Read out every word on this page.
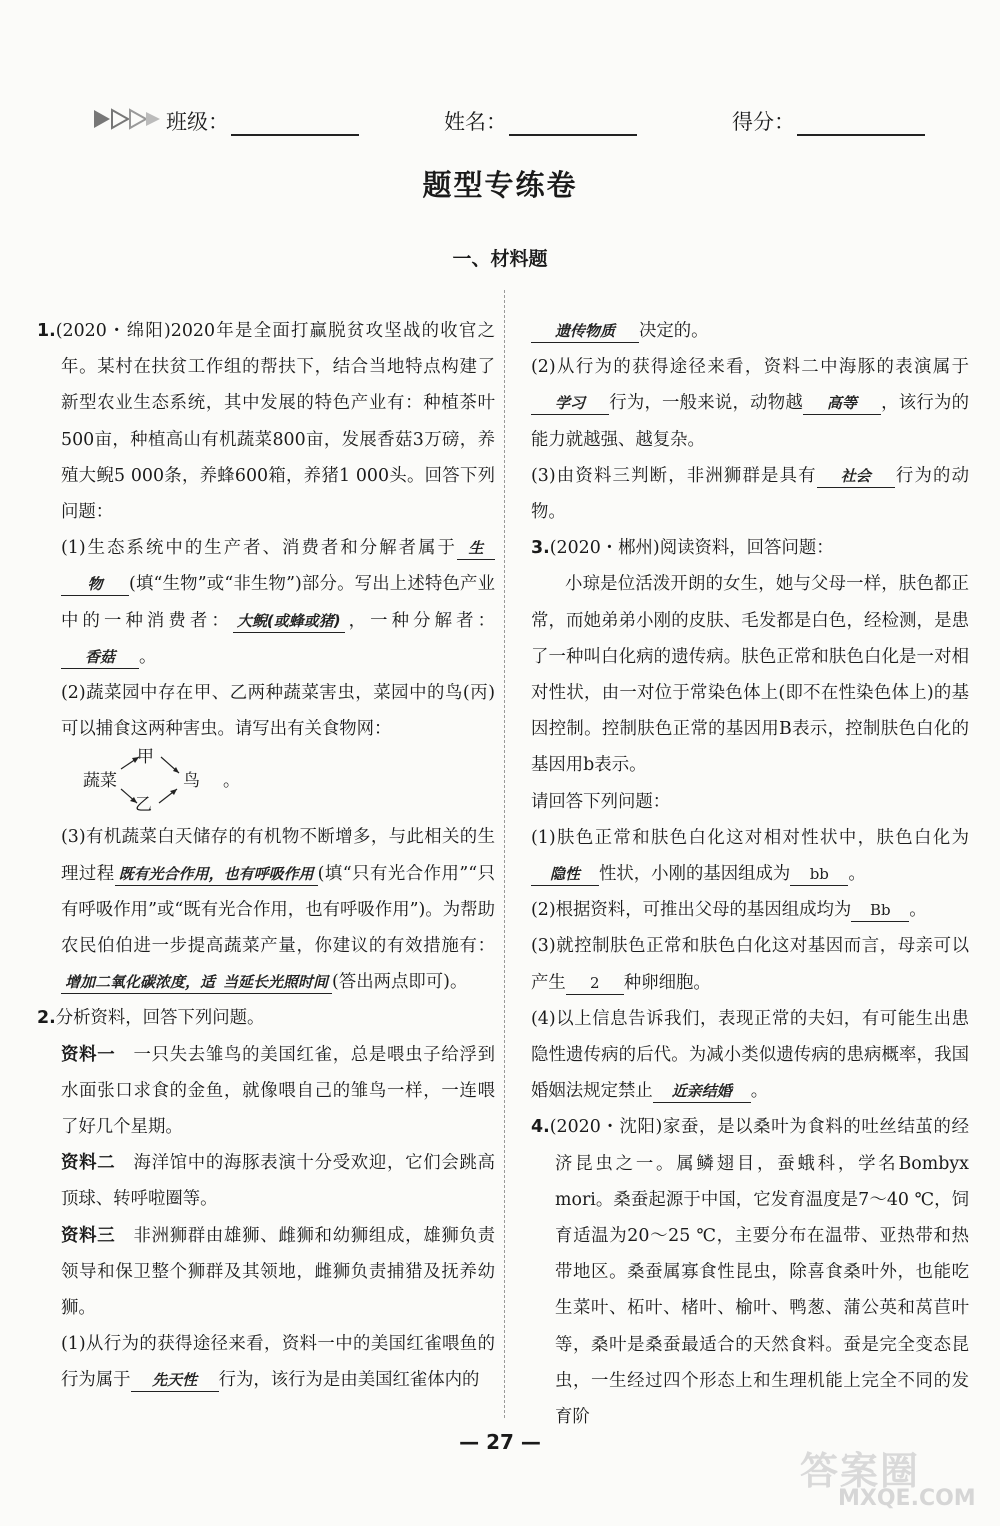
班级：	姓名：	得分：
题型专练卷
一、材料题

1.(2020・绵阳)2020年是全面打赢脱贫攻坚战的收官之年。某村在扶贫工作组的帮扶下，结合当地特点构建了新型农业生态系统，其中发展的特色产业有：种植茶叶500亩，种植高山有机蔬菜800亩，发展香菇3万磅，养殖大鲵5 000条，养蜂600箱，养猪1 000头。回答下列问题：

(1)生态系统中的生产者、消费者和分解者属于 生物 (填“生物”或“非生物”)部分。写出上述特色产业中的一种消费者： 大鲵(或蜂或猪) ，一种分解者：香菇 。

(2)蔬菜园中存在甲、乙两种蔬菜害虫，菜园中的鸟(丙)可以捕食这两种害虫。请写出有关食物网：

甲
蔬菜	鸟
乙
。

(3)有机蔬菜白天储存的有机物不断增多，与此相关的生理过程 既有光合作用，也有呼吸作用 (填“只有光合作用”“只有呼吸作用”或“既有光合作用，也有呼吸作用”)。为帮助农民伯伯进一步提高蔬菜产量，你建议的有效措施有：增加二氧化碳浓度，适 当延长光照时间 (答出两点即可)。

2.分析资料，回答下列问题。

资料一　 一只失去雏鸟的美国红雀，总是喂虫子给浮到水面张口求食的金鱼，就像喂自己的雏鸟一样，一连喂了好几个星期。

资料二　 海洋馆中的海豚表演十分受欢迎，它们会跳高顶球、转呼啦圈等。

资料三　 非洲狮群由雄狮、雌狮和幼狮组成，雄狮负责领导和保卫整个狮群及其领地，雌狮负责捕猎及抚养幼狮。

(1)从行为的获得途径来看，资料一中的美国红雀喂鱼的行为属于 先天性 行为，该行为是由美国红雀体内的

遗传物质 决定的。

(2)从行为的获得途径来看，资料二中海豚的表演属于学习 行为，一般来说，动物越 高等 ，该行为的能力就越强、越复杂。

(3)由资料三判断，非洲狮群是具有 社会 行为的动物。

3.(2020・郴州)阅读资料，回答问题：

小琼是位活泼开朗的女生，她与父母一样，肤色都正常，而她弟弟小刚的皮肤、毛发都是白色，经检测，是患了一种叫白化病的遗传病。肤色正常和肤色白化是一对相对性状，由一对位于常染色体上(即不在性染色体上)的基因控制。控制肤色正常的基因用B表示，控制肤色白化的基因用b表示。

请回答下列问题：

(1)肤色正常和肤色白化这对相对性状中，肤色白化为隐性 性状，小刚的基因组成为 bb 。

(2)根据资料，可推出父母的基因组成均为 Bb 。

(3)就控制肤色正常和肤色白化这对基因而言，母亲可以产生 2 种卵细胞。

(4)以上信息告诉我们，表现正常的夫妇，有可能生出患隐性遗传病的后代。为减小类似遗传病的患病概率，我国婚姻法规定禁止 近亲结婚 。

4.(2020・沈阳)家蚕，是以桑叶为食料的吐丝结茧的经济昆虫之一。属鳞翅目，蚕蛾科，学名Bombyx mori。桑蚕起源于中国，它发育温度是7～40 ℃，饲育适温为20～25 ℃，主要分布在温带、亚热带和热带地区。桑蚕属寡食性昆虫，除喜食桑叶外，也能吃生菜叶、柘叶、楮叶、榆叶、鸭葱、蒲公英和莴苣叶等，桑叶是桑蚕最适合的天然食料。蚕是完全变态昆虫，一生经过四个形态上和生理机能上完全不同的发育阶

— 27 —
答案圈
MXQE.COM
